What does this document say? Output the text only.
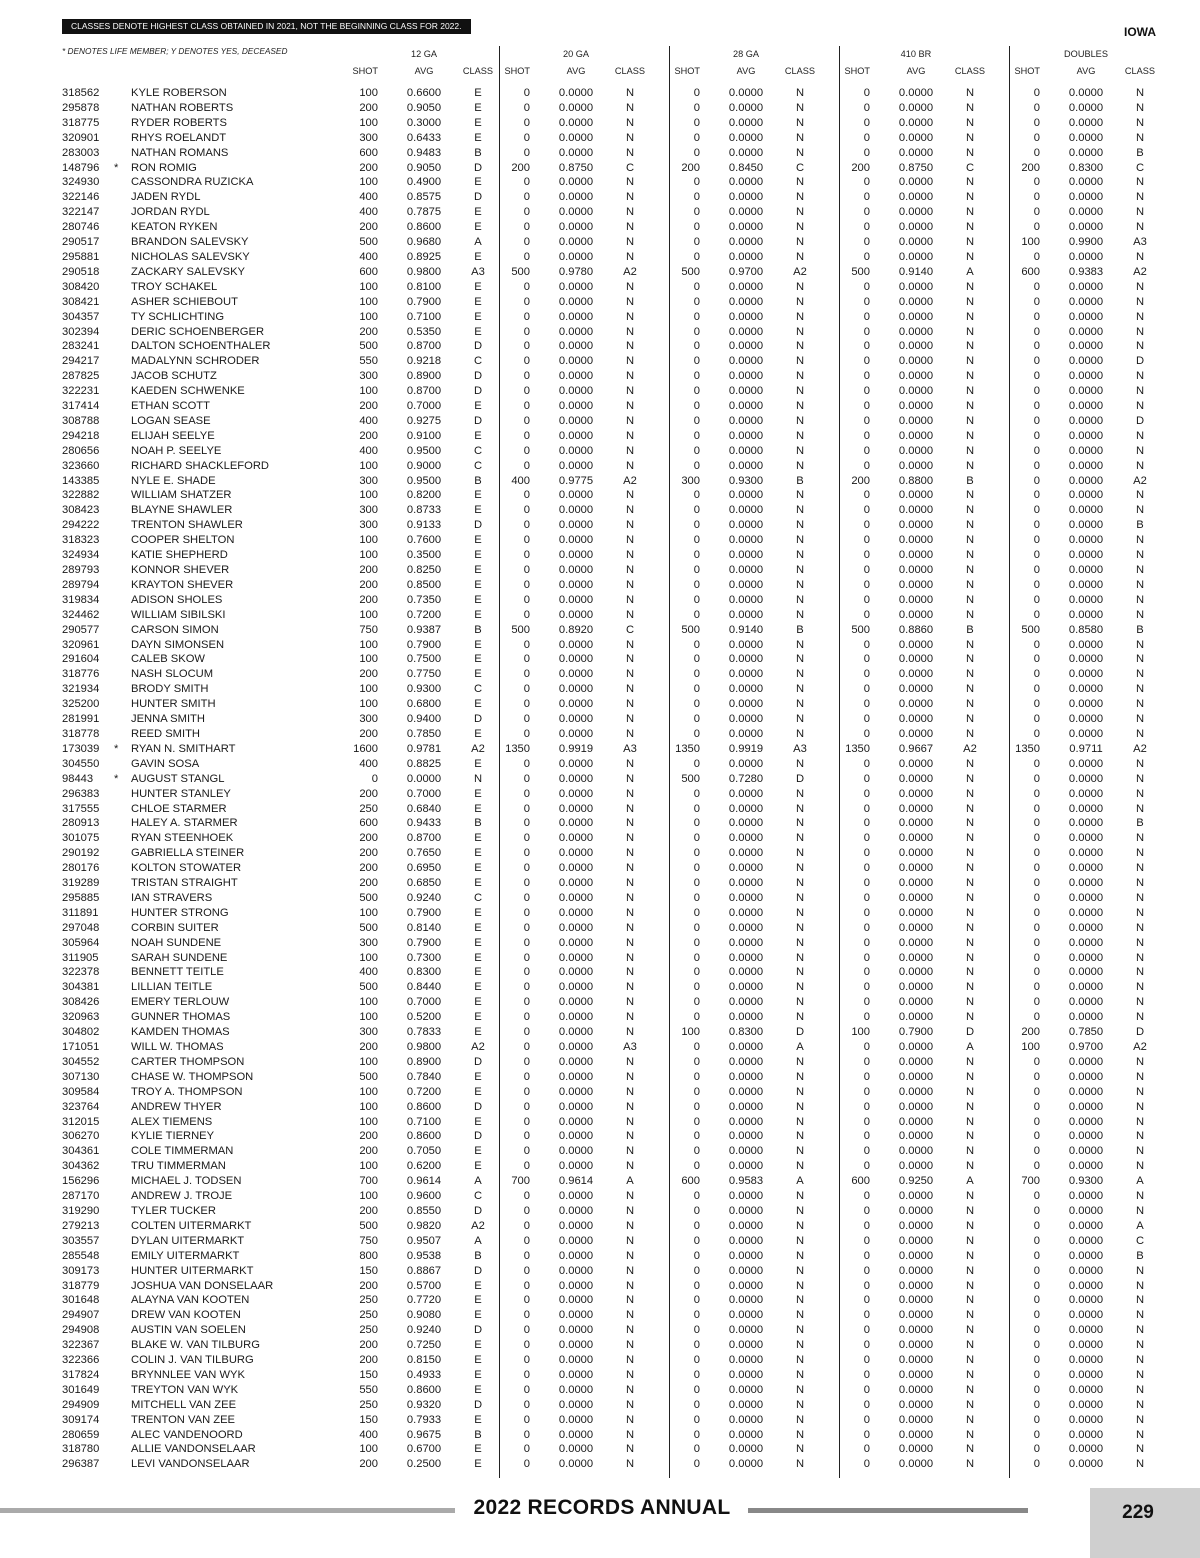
CLASSES DENOTE HIGHEST CLASS OBTAINED IN 2021, NOT THE BEGINNING CLASS FOR 2022.	IOWA
* DENOTES LIFE MEMBER; Y DENOTES YES, DECEASED	12 GA
SHOT	AVG	CLASS
20 GA
SHOT	AVG	CLASS
28 GA
SHOT	AVG	CLASS
410 BR
SHOT	AVG	CLASS
DOUBLES
SHOT	AVG	CLASS
318562	KYLE ROBERSON	100	0.6600	E	0	0.0000	N	0	0.0000	N	0	0.0000	N	0	0.0000	N
295878	NATHAN ROBERTS	200	0.9050	E	0	0.0000	N	0	0.0000	N	0	0.0000	N	0	0.0000	N
318775	RYDER ROBERTS	100	0.3000	E	0	0.0000	N	0	0.0000	N	0	0.0000	N	0	0.0000	N
320901	RHYS ROELANDT	300	0.6433	E	0	0.0000	N	0	0.0000	N	0	0.0000	N	0	0.0000	N
283003	NATHAN ROMANS	600	0.9483	B	0	0.0000	N	0	0.0000	N	0	0.0000	N	0	0.0000	B
148796	*	RON ROMIG	200	0.9050	D	200	0.8750	C	200	0.8450	C	200	0.8750	C	200	0.8300	C
324930	CASSONDRA RUZICKA	100	0.4900	E	0	0.0000	N	0	0.0000	N	0	0.0000	N	0	0.0000	N
322146	JADEN RYDL	400	0.8575	D	0	0.0000	N	0	0.0000	N	0	0.0000	N	0	0.0000	N
322147	JORDAN RYDL	400	0.7875	E	0	0.0000	N	0	0.0000	N	0	0.0000	N	0	0.0000	N
280746	KEATON RYKEN	200	0.8600	E	0	0.0000	N	0	0.0000	N	0	0.0000	N	0	0.0000	N
290517	BRANDON SALEVSKY	500	0.9680	A	0	0.0000	N	0	0.0000	N	0	0.0000	N	100	0.9900	A3
295881	NICHOLAS SALEVSKY	400	0.8925	E	0	0.0000	N	0	0.0000	N	0	0.0000	N	0	0.0000	N
290518	ZACKARY SALEVSKY	600	0.9800	A3	500	0.9780	A2	500	0.9700	A2	500	0.9140	A	600	0.9383	A2
308420	TROY SCHAKEL	100	0.8100	E	0	0.0000	N	0	0.0000	N	0	0.0000	N	0	0.0000	N
308421	ASHER SCHIEBOUT	100	0.7900	E	0	0.0000	N	0	0.0000	N	0	0.0000	N	0	0.0000	N
304357	TY SCHLICHTING	100	0.7100	E	0	0.0000	N	0	0.0000	N	0	0.0000	N	0	0.0000	N
302394	DERIC SCHOENBERGER	200	0.5350	E	0	0.0000	N	0	0.0000	N	0	0.0000	N	0	0.0000	N
283241	DALTON SCHOENTHALER	500	0.8700	D	0	0.0000	N	0	0.0000	N	0	0.0000	N	0	0.0000	N
294217	MADALYNN SCHRODER	550	0.9218	C	0	0.0000	N	0	0.0000	N	0	0.0000	N	0	0.0000	D
287825	JACOB SCHUTZ	300	0.8900	D	0	0.0000	N	0	0.0000	N	0	0.0000	N	0	0.0000	N
322231	KAEDEN SCHWENKE	100	0.8700	D	0	0.0000	N	0	0.0000	N	0	0.0000	N	0	0.0000	N
317414	ETHAN SCOTT	200	0.7000	E	0	0.0000	N	0	0.0000	N	0	0.0000	N	0	0.0000	N
308788	LOGAN SEASE	400	0.9275	D	0	0.0000	N	0	0.0000	N	0	0.0000	N	0	0.0000	D
294218	ELIJAH SEELYE	200	0.9100	E	0	0.0000	N	0	0.0000	N	0	0.0000	N	0	0.0000	N
280656	NOAH P. SEELYE	400	0.9500	C	0	0.0000	N	0	0.0000	N	0	0.0000	N	0	0.0000	N
323660	RICHARD SHACKLEFORD	100	0.9000	C	0	0.0000	N	0	0.0000	N	0	0.0000	N	0	0.0000	N
143385	NYLE E. SHADE	300	0.9500	B	400	0.9775	A2	300	0.9300	B	200	0.8800	B	0	0.0000	A2
322882	WILLIAM SHATZER	100	0.8200	E	0	0.0000	N	0	0.0000	N	0	0.0000	N	0	0.0000	N
308423	BLAYNE SHAWLER	300	0.8733	E	0	0.0000	N	0	0.0000	N	0	0.0000	N	0	0.0000	N
294222	TRENTON SHAWLER	300	0.9133	D	0	0.0000	N	0	0.0000	N	0	0.0000	N	0	0.0000	B
318323	COOPER SHELTON	100	0.7600	E	0	0.0000	N	0	0.0000	N	0	0.0000	N	0	0.0000	N
324934	KATIE SHEPHERD	100	0.3500	E	0	0.0000	N	0	0.0000	N	0	0.0000	N	0	0.0000	N
289793	KONNOR SHEVER	200	0.8250	E	0	0.0000	N	0	0.0000	N	0	0.0000	N	0	0.0000	N
289794	KRAYTON SHEVER	200	0.8500	E	0	0.0000	N	0	0.0000	N	0	0.0000	N	0	0.0000	N
319834	ADISON SHOLES	200	0.7350	E	0	0.0000	N	0	0.0000	N	0	0.0000	N	0	0.0000	N
324462	WILLIAM SIBILSKI	100	0.7200	E	0	0.0000	N	0	0.0000	N	0	0.0000	N	0	0.0000	N
290577	CARSON SIMON	750	0.9387	B	500	0.8920	C	500	0.9140	B	500	0.8860	B	500	0.8580	B
320961	DAYN SIMONSEN	100	0.7900	E	0	0.0000	N	0	0.0000	N	0	0.0000	N	0	0.0000	N
291604	CALEB SKOW	100	0.7500	E	0	0.0000	N	0	0.0000	N	0	0.0000	N	0	0.0000	N
318776	NASH SLOCUM	200	0.7750	E	0	0.0000	N	0	0.0000	N	0	0.0000	N	0	0.0000	N
321934	BRODY SMITH	100	0.9300	C	0	0.0000	N	0	0.0000	N	0	0.0000	N	0	0.0000	N
325200	HUNTER SMITH	100	0.6800	E	0	0.0000	N	0	0.0000	N	0	0.0000	N	0	0.0000	N
281991	JENNA SMITH	300	0.9400	D	0	0.0000	N	0	0.0000	N	0	0.0000	N	0	0.0000	N
318778	REED SMITH	200	0.7850	E	0	0.0000	N	0	0.0000	N	0	0.0000	N	0	0.0000	N
173039	*	RYAN N. SMITHART	1600	0.9781	A2	1350	0.9919	A3	1350	0.9919	A3	1350	0.9667	A2	1350	0.9711	A2
304550	GAVIN SOSA	400	0.8825	E	0	0.0000	N	0	0.0000	N	0	0.0000	N	0	0.0000	N
98443	*	AUGUST STANGL	0	0.0000	N	0	0.0000	N	500	0.7280	D	0	0.0000	N	0	0.0000	N
296383	HUNTER STANLEY	200	0.7000	E	0	0.0000	N	0	0.0000	N	0	0.0000	N	0	0.0000	N
317555	CHLOE STARMER	250	0.6840	E	0	0.0000	N	0	0.0000	N	0	0.0000	N	0	0.0000	N
280913	HALEY A. STARMER	600	0.9433	B	0	0.0000	N	0	0.0000	N	0	0.0000	N	0	0.0000	B
301075	RYAN STEENHOEK	200	0.8700	E	0	0.0000	N	0	0.0000	N	0	0.0000	N	0	0.0000	N
290192	GABRIELLA STEINER	200	0.7650	E	0	0.0000	N	0	0.0000	N	0	0.0000	N	0	0.0000	N
280176	KOLTON STOWATER	200	0.6950	E	0	0.0000	N	0	0.0000	N	0	0.0000	N	0	0.0000	N
319289	TRISTAN STRAIGHT	200	0.6850	E	0	0.0000	N	0	0.0000	N	0	0.0000	N	0	0.0000	N
295885	IAN STRAVERS	500	0.9240	C	0	0.0000	N	0	0.0000	N	0	0.0000	N	0	0.0000	N
311891	HUNTER STRONG	100	0.7900	E	0	0.0000	N	0	0.0000	N	0	0.0000	N	0	0.0000	N
297048	CORBIN SUITER	500	0.8140	E	0	0.0000	N	0	0.0000	N	0	0.0000	N	0	0.0000	N
305964	NOAH SUNDENE	300	0.7900	E	0	0.0000	N	0	0.0000	N	0	0.0000	N	0	0.0000	N
311905	SARAH SUNDENE	100	0.7300	E	0	0.0000	N	0	0.0000	N	0	0.0000	N	0	0.0000	N
322378	BENNETT TEITLE	400	0.8300	E	0	0.0000	N	0	0.0000	N	0	0.0000	N	0	0.0000	N
304381	LILLIAN TEITLE	500	0.8440	E	0	0.0000	N	0	0.0000	N	0	0.0000	N	0	0.0000	N
308426	EMERY TERLOUW	100	0.7000	E	0	0.0000	N	0	0.0000	N	0	0.0000	N	0	0.0000	N
320963	GUNNER THOMAS	100	0.5200	E	0	0.0000	N	0	0.0000	N	0	0.0000	N	0	0.0000	N
304802	KAMDEN THOMAS	300	0.7833	E	0	0.0000	N	100	0.8300	D	100	0.7900	D	200	0.7850	D
171051	WILL W. THOMAS	200	0.9800	A2	0	0.0000	A3	0	0.0000	A	0	0.0000	A	100	0.9700	A2
304552	CARTER THOMPSON	100	0.8900	D	0	0.0000	N	0	0.0000	N	0	0.0000	N	0	0.0000	N
307130	CHASE W. THOMPSON	500	0.7840	E	0	0.0000	N	0	0.0000	N	0	0.0000	N	0	0.0000	N
309584	TROY A. THOMPSON	100	0.7200	E	0	0.0000	N	0	0.0000	N	0	0.0000	N	0	0.0000	N
323764	ANDREW THYER	100	0.8600	D	0	0.0000	N	0	0.0000	N	0	0.0000	N	0	0.0000	N
312015	ALEX TIEMENS	100	0.7100	E	0	0.0000	N	0	0.0000	N	0	0.0000	N	0	0.0000	N
306270	KYLIE TIERNEY	200	0.8600	D	0	0.0000	N	0	0.0000	N	0	0.0000	N	0	0.0000	N
304361	COLE TIMMERMAN	200	0.7050	E	0	0.0000	N	0	0.0000	N	0	0.0000	N	0	0.0000	N
304362	TRU TIMMERMAN	100	0.6200	E	0	0.0000	N	0	0.0000	N	0	0.0000	N	0	0.0000	N
156296	MICHAEL J. TODSEN	700	0.9614	A	700	0.9614	A	600	0.9583	A	600	0.9250	A	700	0.9300	A
287170	ANDREW J. TROJE	100	0.9600	C	0	0.0000	N	0	0.0000	N	0	0.0000	N	0	0.0000	N
319290	TYLER TUCKER	200	0.8550	D	0	0.0000	N	0	0.0000	N	0	0.0000	N	0	0.0000	N
279213	COLTEN UITERMARKT	500	0.9820	A2	0	0.0000	N	0	0.0000	N	0	0.0000	N	0	0.0000	A
303557	DYLAN UITERMARKT	750	0.9507	A	0	0.0000	N	0	0.0000	N	0	0.0000	N	0	0.0000	C
285548	EMILY UITERMARKT	800	0.9538	B	0	0.0000	N	0	0.0000	N	0	0.0000	N	0	0.0000	B
309173	HUNTER UITERMARKT	150	0.8867	D	0	0.0000	N	0	0.0000	N	0	0.0000	N	0	0.0000	N
318779	JOSHUA VAN DONSELAAR	200	0.5700	E	0	0.0000	N	0	0.0000	N	0	0.0000	N	0	0.0000	N
301648	ALAYNA VAN KOOTEN	250	0.7720	E	0	0.0000	N	0	0.0000	N	0	0.0000	N	0	0.0000	N
294907	DREW VAN KOOTEN	250	0.9080	E	0	0.0000	N	0	0.0000	N	0	0.0000	N	0	0.0000	N
294908	AUSTIN VAN SOELEN	250	0.9240	D	0	0.0000	N	0	0.0000	N	0	0.0000	N	0	0.0000	N
322367	BLAKE W. VAN TILBURG	200	0.7250	E	0	0.0000	N	0	0.0000	N	0	0.0000	N	0	0.0000	N
322366	COLIN J. VAN TILBURG	200	0.8150	E	0	0.0000	N	0	0.0000	N	0	0.0000	N	0	0.0000	N
317824	BRYNNLEE VAN WYK	150	0.4933	E	0	0.0000	N	0	0.0000	N	0	0.0000	N	0	0.0000	N
301649	TREYTON VAN WYK	550	0.8600	E	0	0.0000	N	0	0.0000	N	0	0.0000	N	0	0.0000	N
294909	MITCHELL VAN ZEE	250	0.9320	D	0	0.0000	N	0	0.0000	N	0	0.0000	N	0	0.0000	N
309174	TRENTON VAN ZEE	150	0.7933	E	0	0.0000	N	0	0.0000	N	0	0.0000	N	0	0.0000	N
280659	ALEC VANDENOORD	400	0.9675	B	0	0.0000	N	0	0.0000	N	0	0.0000	N	0	0.0000	N
318780	ALLIE VANDONSELAAR	100	0.6700	E	0	0.0000	N	0	0.0000	N	0	0.0000	N	0	0.0000	N
296387	LEVI VANDONSELAAR	200	0.2500	E	0	0.0000	N	0	0.0000	N	0	0.0000	N	0	0.0000	N
2022 RECORDS ANNUAL	229
